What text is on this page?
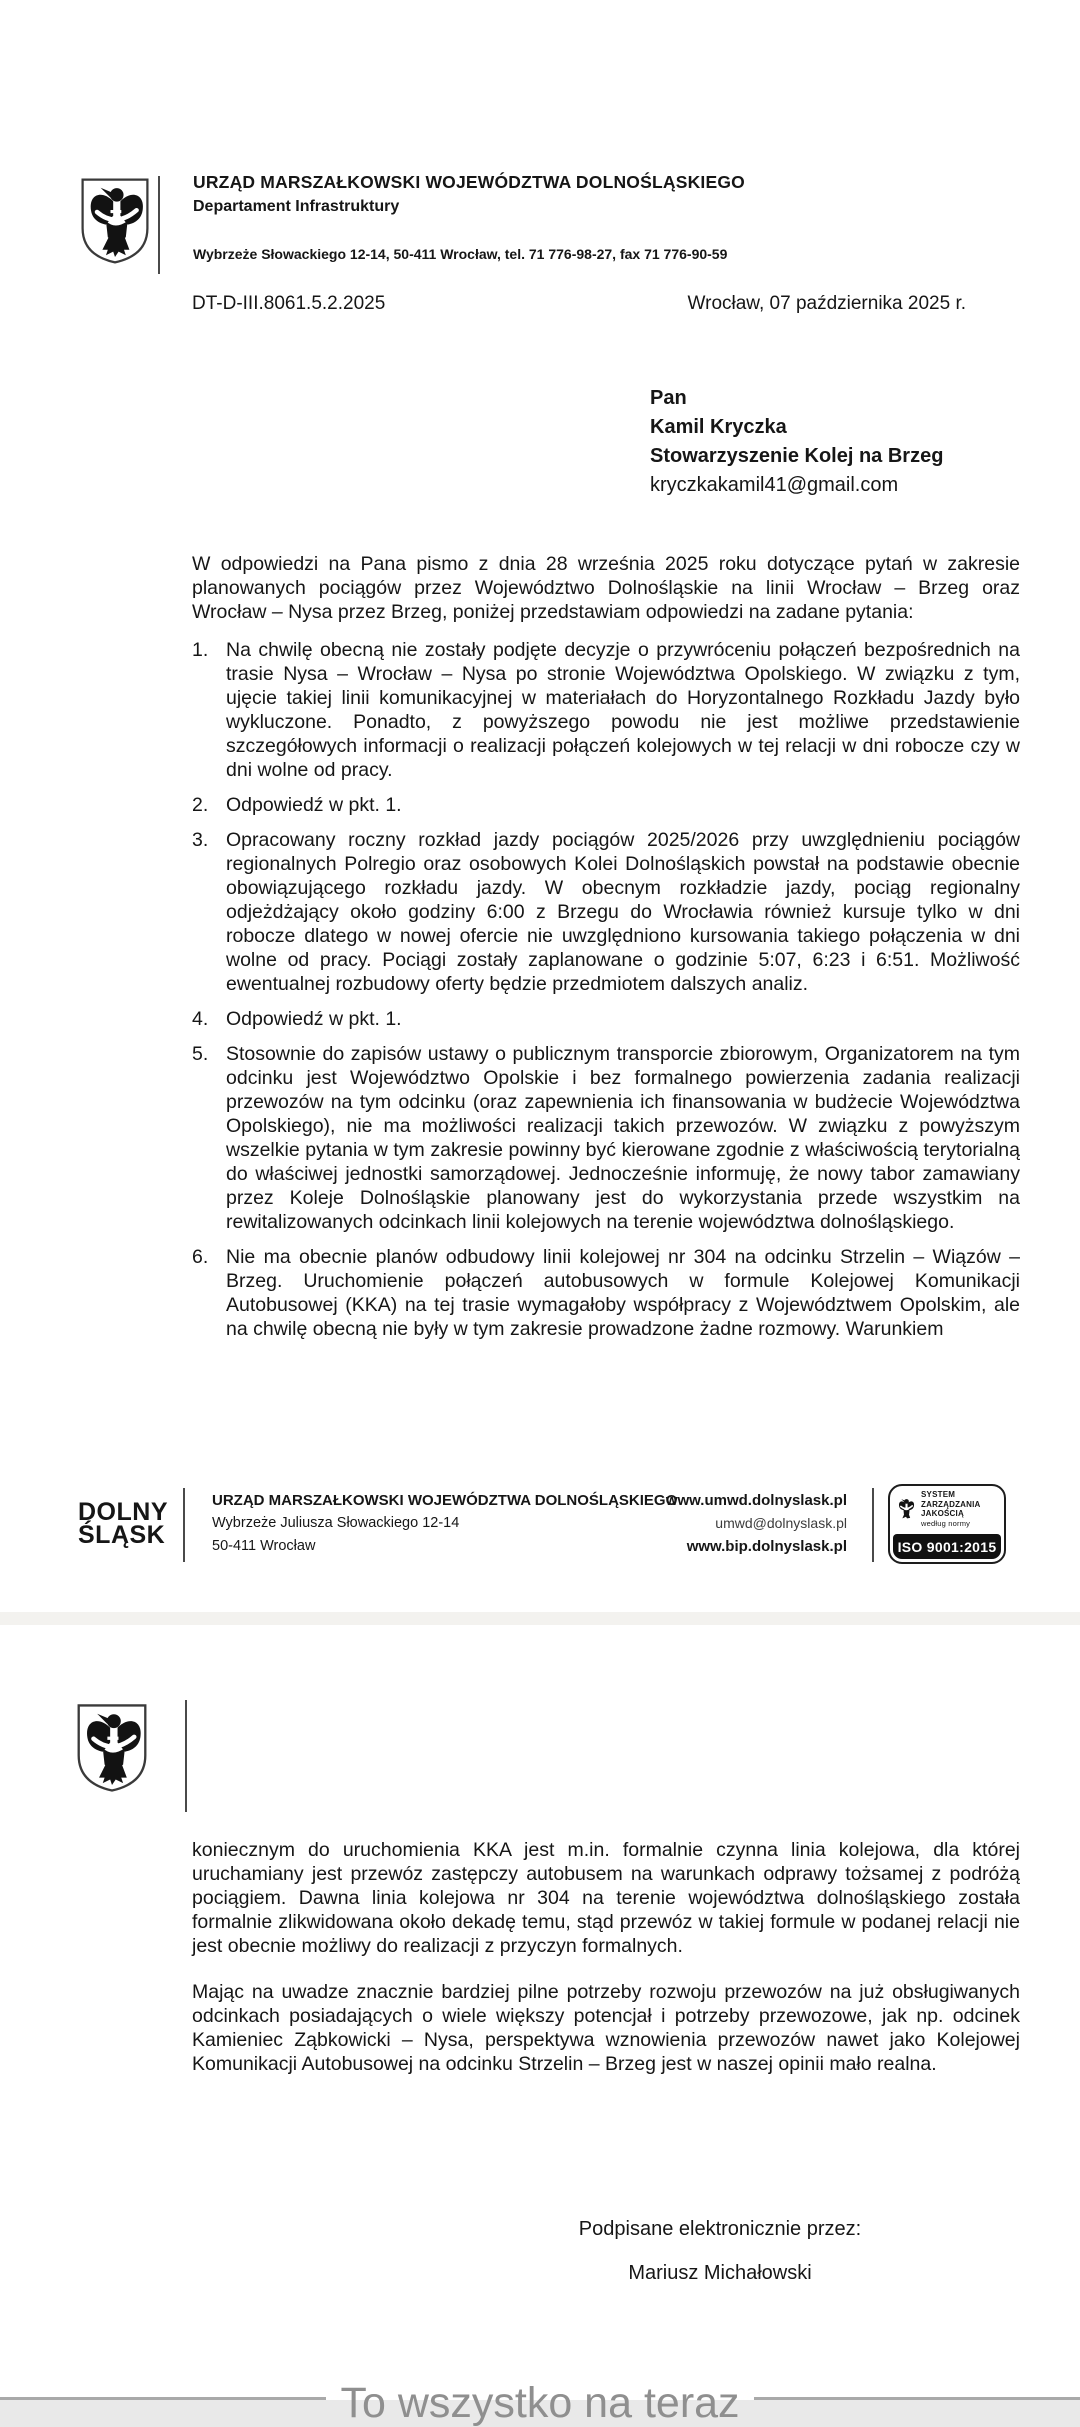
URZĄD MARSZAŁKOWSKI WOJEWÓDZTWA DOLNOŚLĄSKIEGO
Departament Infrastruktury
Wybrzeże Słowackiego 12-14, 50-411 Wrocław, tel. 71 776-98-27, fax 71 776-90-59
DT-D-III.8061.5.2.2025	Wrocław, 07 października 2025 r.
Pan
Kamil Kryczka
Stowarzyszenie Kolej na Brzeg
kryczkakamil41@gmail.com

W odpowiedzi na Pana pismo z dnia 28 września 2025 roku dotyczące pytań w zakresie planowanych pociągów przez Województwo Dolnośląskie na linii Wrocław – Brzeg oraz Wrocław – Nysa przez Brzeg, poniżej przedstawiam odpowiedzi na zadane pytania:

1. Na chwilę obecną nie zostały podjęte decyzje o przywróceniu połączeń bezpośrednich na trasie Nysa – Wrocław – Nysa po stronie Województwa Opolskiego. W związku z tym, ujęcie takiej linii komunikacyjnej w materiałach do Horyzontalnego Rozkładu Jazdy było wykluczone. Ponadto, z powyższego powodu nie jest możliwe przedstawienie szczegółowych informacji o realizacji połączeń kolejowych w tej relacji w dni robocze czy w dni wolne od pracy.

2. Odpowiedź w pkt. 1.

3. Opracowany roczny rozkład jazdy pociągów 2025/2026 przy uwzględnieniu pociągów regionalnych Polregio oraz osobowych Kolei Dolnośląskich powstał na podstawie obecnie obowiązującego rozkładu jazdy. W obecnym rozkładzie jazdy, pociąg regionalny odjeżdżający około godziny 6:00 z Brzegu do Wrocławia również kursuje tylko w dni robocze dlatego w nowej ofercie nie uwzględniono kursowania takiego połączenia w dni wolne od pracy. Pociągi zostały zaplanowane o godzinie 5:07, 6:23 i 6:51. Możliwość ewentualnej rozbudowy oferty będzie przedmiotem dalszych analiz.

4. Odpowiedź w pkt. 1.

5. Stosownie do zapisów ustawy o publicznym transporcie zbiorowym, Organizatorem na tym odcinku jest Województwo Opolskie i bez formalnego powierzenia zadania realizacji przewozów na tym odcinku (oraz zapewnienia ich finansowania w budżecie Województwa Opolskiego), nie ma możliwości realizacji takich przewozów. W związku z powyższym wszelkie pytania w tym zakresie powinny być kierowane zgodnie z właściwością terytorialną do właściwej jednostki samorządowej. Jednocześnie informuję, że nowy tabor zamawiany przez Koleje Dolnośląskie planowany jest do wykorzystania przede wszystkim na rewitalizowanych odcinkach linii kolejowych na terenie województwa dolnośląskiego.

6. Nie ma obecnie planów odbudowy linii kolejowej nr 304 na odcinku Strzelin – Wiązów – Brzeg. Uruchomienie połączeń autobusowych w formule Kolejowej Komunikacji Autobusowej (KKA) na tej trasie wymagałoby współpracy z Województwem Opolskim, ale na chwilę obecną nie były w tym zakresie prowadzone żadne rozmowy. Warunkiem

DOLNY
ŚLĄSK
URZĄD MARSZAŁKOWSKI WOJEWÓDZTWA DOLNOŚLĄSKIEGO
Wybrzeże Juliusza Słowackiego 12-14
50-411 Wrocław
www.umwd.dolnyslask.pl
umwd@dolnyslask.pl
www.bip.dolnyslask.pl
SYSTEM
ZARZĄDZANIA
JAKOŚCIĄ
według normy
ISO 9001:2015

koniecznym do uruchomienia KKA jest m.in. formalnie czynna linia kolejowa, dla której uruchamiany jest przewóz zastępczy autobusem na warunkach odprawy tożsamej z podróżą pociągiem. Dawna linia kolejowa nr 304 na terenie województwa dolnośląskiego została formalnie zlikwidowana około dekadę temu, stąd przewóz w takiej formule w podanej relacji nie jest obecnie możliwy do realizacji z przyczyn formalnych.

Mając na uwadze znacznie bardziej pilne potrzeby rozwoju przewozów na już obsługiwanych odcinkach posiadających o wiele większy potencjał i potrzeby przewozowe, jak np. odcinek Kamieniec Ząbkowicki – Nysa, perspektywa wznowienia przewozów nawet jako Kolejowej Komunikacji Autobusowej na odcinku Strzelin – Brzeg jest w naszej opinii mało realna.

Podpisane elektronicznie przez:
Mariusz Michałowski
To wszystko na teraz
